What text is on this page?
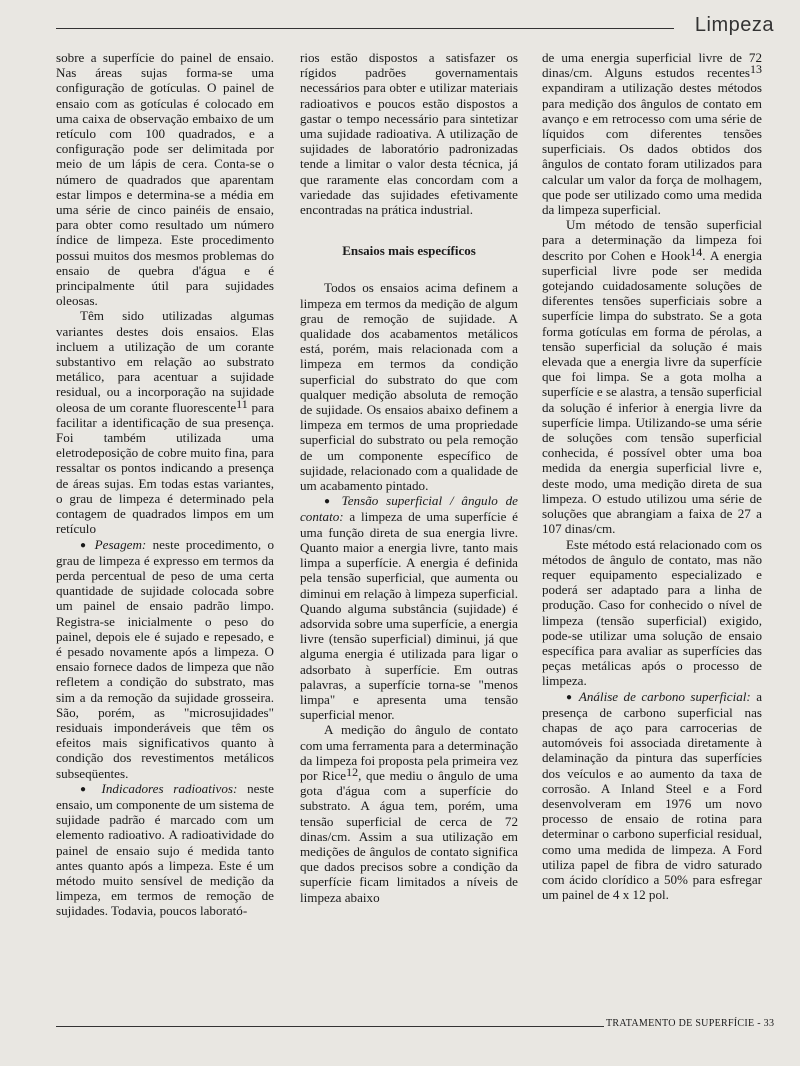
Limpeza

sobre a superfície do painel de ensaio. Nas áreas sujas forma-se uma configuração de gotículas. O painel de ensaio com as gotículas é colocado em uma caixa de observação embaixo de um retículo com 100 quadrados, e a configuração pode ser delimitada por meio de um lápis de cera. Conta-se o número de quadrados que aparentam estar limpos e determina-se a média em uma série de cinco painéis de ensaio, para obter como resultado um número índice de limpeza. Este procedimento possui muitos dos mesmos problemas do ensaio de quebra d'água e é principalmente útil para sujidades oleosas.

Têm sido utilizadas algumas variantes destes dois ensaios. Elas incluem a utilização de um corante substantivo em relação ao substrato metálico, para acentuar a sujidade residual, ou a incorporação na sujidade oleosa de um corante fluorescente$^{11}$ para facilitar a identificação de sua presença. Foi também utilizada uma eletrodeposição de cobre muito fina, para ressaltar os pontos indicando a presença de áreas sujas. Em todas estas variantes, o grau de limpeza é determinado pela contagem de quadrados limpos em um retículo

● Pesagem: neste procedimento, o grau de limpeza é expresso em termos da perda percentual de peso de uma certa quantidade de sujidade colocada sobre um painel de ensaio padrão limpo. Registra-se inicialmente o peso do painel, depois ele é sujado e repesado, e é pesado novamente após a limpeza. O ensaio fornece dados de limpeza que não refletem a condição do substrato, mas sim a da remoção da sujidade grosseira. São, porém, as "microsujidades" residuais imponderáveis que têm os efeitos mais significativos quanto à condição dos revestimentos metálicos subseqüentes.

● Indicadores radioativos: neste ensaio, um componente de um sistema de sujidade padrão é marcado com um elemento radioativo. A radioatividade do painel de ensaio sujo é medida tanto antes quanto após a limpeza. Este é um método muito sensível de medição da limpeza, em termos de remoção de sujidades. Todavia, poucos laborató-

rios estão dispostos a satisfazer os rígidos padrões governamentais necessários para obter e utilizar materiais radioativos e poucos estão dispostos a gastar o tempo necessário para sintetizar uma sujidade radioativa. A utilização de sujidades de laboratório padronizadas tende a limitar o valor desta técnica, já que raramente elas concordam com a variedade das sujidades efetivamente encontradas na prática industrial.

Ensaios mais específicos

Todos os ensaios acima definem a limpeza em termos da medição de algum grau de remoção de sujidade. A qualidade dos acabamentos metálicos está, porém, mais relacionada com a limpeza em termos da condição superficial do substrato do que com qualquer medição absoluta de remoção de sujidade. Os ensaios abaixo definem a limpeza em termos de uma propriedade superficial do substrato ou pela remoção de um componente específico de sujidade, relacionado com a qualidade de um acabamento pintado.

● Tensão superficial / ângulo de contato: a limpeza de uma superfície é uma função direta de sua energia livre. Quanto maior a energia livre, tanto mais limpa a superfície. A energia é definida pela tensão superficial, que aumenta ou diminui em relação à limpeza superficial. Quando alguma substância (sujidade) é adsorvida sobre uma superfície, a energia livre (tensão superficial) diminui, já que alguma energia é utilizada para ligar o adsorbato à superfície. Em outras palavras, a superfície torna-se "menos limpa" e apresenta uma tensão superficial menor.

A medição do ângulo de contato com uma ferramenta para a determinação da limpeza foi proposta pela primeira vez por Rice$^{12}$, que mediu o ângulo de uma gota d'água com a superfície do substrato. A água tem, porém, uma tensão superficial de cerca de 72 dinas/cm. Assim a sua utilização em medições de ângulos de contato significa que dados precisos sobre a condição da superfície ficam limitados a níveis de limpeza abaixo

de uma energia superficial livre de 72 dinas/cm. Alguns estudos recentes$^{13}$ expandiram a utilização destes métodos para medição dos ângulos de contato em avanço e em retrocesso com uma série de líquidos com diferentes tensões superficiais. Os dados obtidos dos ângulos de contato foram utilizados para calcular um valor da força de molhagem, que pode ser utilizado como uma medida da limpeza superficial.

Um método de tensão superficial para a determinação da limpeza foi descrito por Cohen e Hook$^{14}$. A energia superficial livre pode ser medida gotejando cuidadosamente soluções de diferentes tensões superficiais sobre a superfície limpa do substrato. Se a gota forma gotículas em forma de pérolas, a tensão superficial da solução é mais elevada que a energia livre da superfície que foi limpa. Se a gota molha a superfície e se alastra, a tensão superficial da solução é inferior à energia livre da superfície limpa. Utilizando-se uma série de soluções com tensão superficial conhecida, é possível obter uma boa medida da energia superficial livre e, deste modo, uma medição direta de sua limpeza. O estudo utilizou uma série de soluções que abrangiam a faixa de 27 a 107 dinas/cm.

Este método está relacionado com os métodos de ângulo de contato, mas não requer equipamento especializado e poderá ser adaptado para a linha de produção. Caso for conhecido o nível de limpeza (tensão superficial) exigido, pode-se utilizar uma solução de ensaio específica para avaliar as superfícies das peças metálicas após o processo de limpeza.

● Análise de carbono superficial: a presença de carbono superficial nas chapas de aço para carrocerias de automóveis foi associada diretamente à delaminação da pintura das superfícies dos veículos e ao aumento da taxa de corrosão. A Inland Steel e a Ford desenvolveram em 1976 um novo processo de ensaio de rotina para determinar o carbono superficial residual, como uma medida de limpeza. A Ford utiliza papel de fibra de vidro saturado com ácido clorídico a 50% para esfregar um painel de 4 x 12 pol.

TRATAMENTO DE SUPERFÍCIE - 33
